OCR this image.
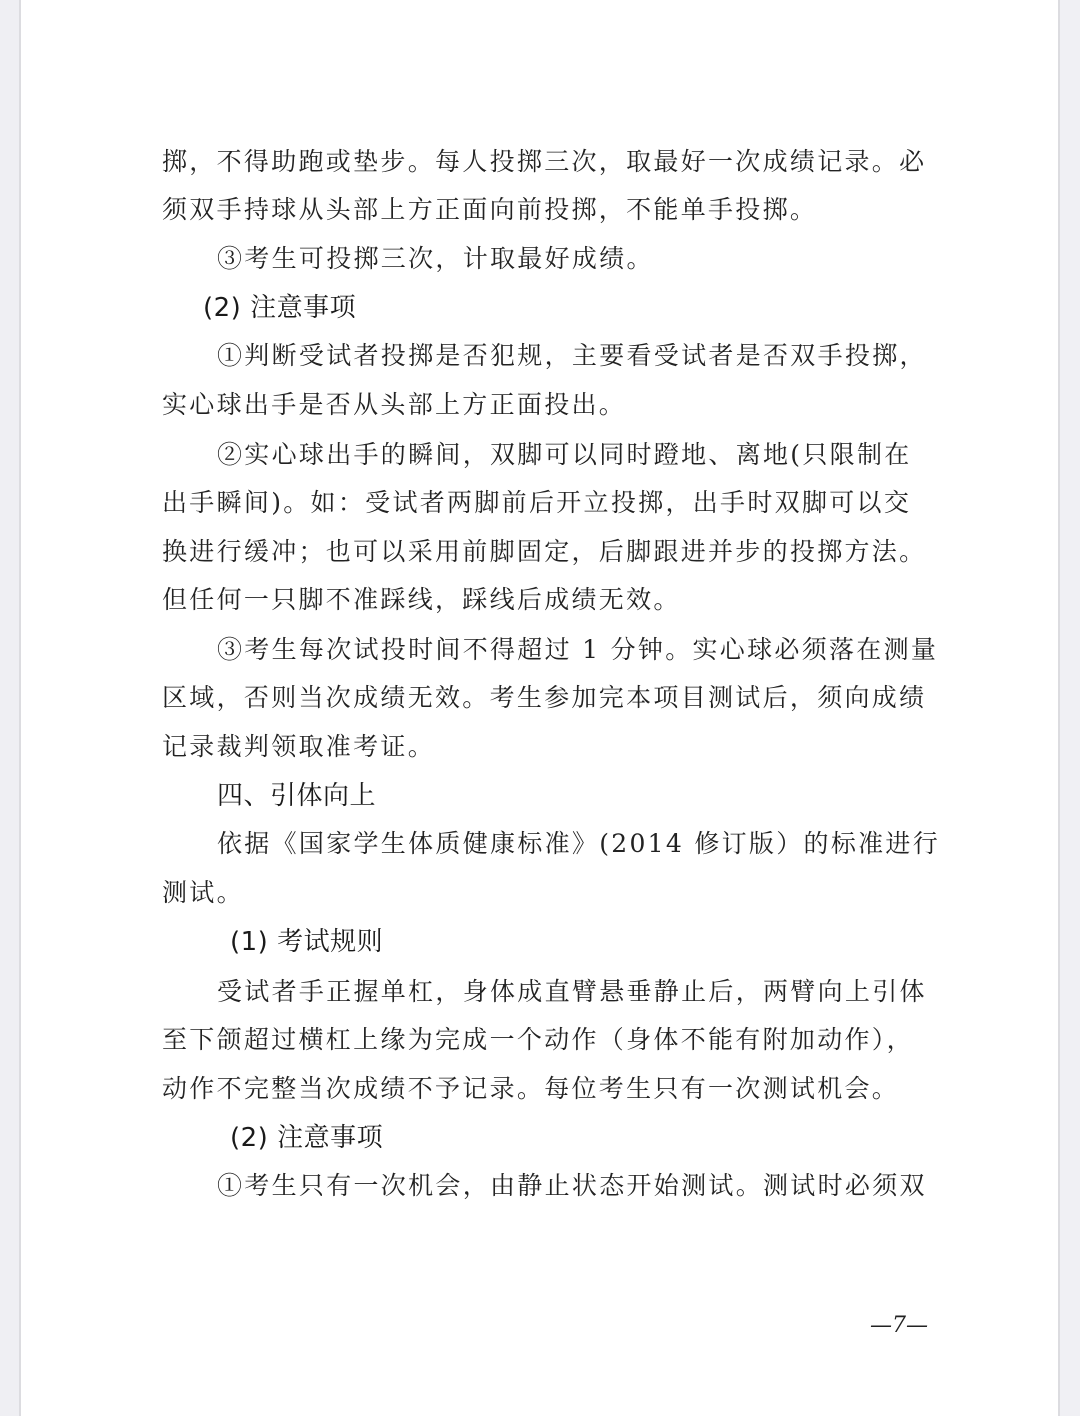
掷，不得助跑或垫步。每人投掷三次，取最好一次成绩记录。必
须双手持球从头部上方正面向前投掷，不能单手投掷。
③考生可投掷三次，计取最好成绩。
(2) 注意事项
①判断受试者投掷是否犯规，主要看受试者是否双手投掷，
实心球出手是否从头部上方正面投出。
②实心球出手的瞬间，双脚可以同时蹬地、离地(只限制在
出手瞬间)。如：受试者两脚前后开立投掷，出手时双脚可以交
换进行缓冲；也可以采用前脚固定，后脚跟进并步的投掷方法。
但任何一只脚不准踩线，踩线后成绩无效。
③考生每次试投时间不得超过 1 分钟。实心球必须落在测量
区域，否则当次成绩无效。考生参加完本项目测试后，须向成绩
记录裁判领取准考证。
四、引体向上
依据《国家学生体质健康标准》(2014 修订版）的标准进行
测试。
(1) 考试规则
受试者手正握单杠，身体成直臂悬垂静止后，两臂向上引体
至下颌超过横杠上缘为完成一个动作（身体不能有附加动作），
动作不完整当次成绩不予记录。每位考生只有一次测试机会。
(2) 注意事项
①考生只有一次机会，由静止状态开始测试。测试时必须双
—7—
